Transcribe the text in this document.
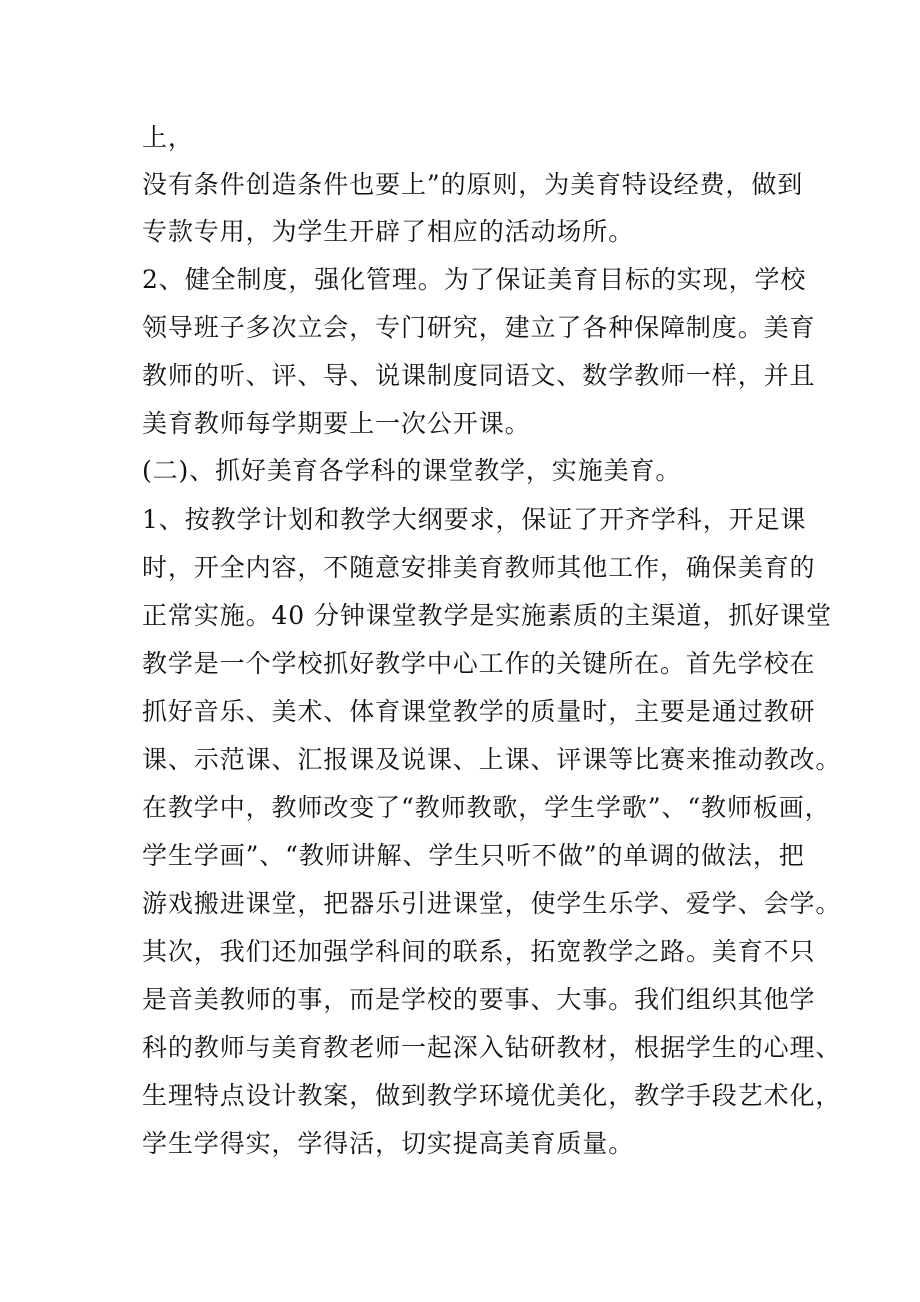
上，
没有条件创造条件也要上”的原则，为美育特设经费，做到
专款专用，为学生开辟了相应的活动场所。
2、健全制度，强化管理。为了保证美育目标的实现，学校
领导班子多次立会，专门研究，建立了各种保障制度。美育
教师的听、评、导、说课制度同语文、数学教师一样，并且
美育教师每学期要上一次公开课。
(二)、抓好美育各学科的课堂教学，实施美育。
1、按教学计划和教学大纲要求，保证了开齐学科，开足课
时，开全内容，不随意安排美育教师其他工作，确保美育的
正常实施。40 分钟课堂教学是实施素质的主渠道，抓好课堂
教学是一个学校抓好教学中心工作的关键所在。首先学校在
抓好音乐、美术、体育课堂教学的质量时，主要是通过教研
课、示范课、汇报课及说课、上课、评课等比赛来推动教改。
在教学中，教师改变了“教师教歌，学生学歌”、“教师板画，
学生学画”、“教师讲解、学生只听不做”的单调的做法，把
游戏搬进课堂，把器乐引进课堂，使学生乐学、爱学、会学。
其次，我们还加强学科间的联系，拓宽教学之路。美育不只
是音美教师的事，而是学校的要事、大事。我们组织其他学
科的教师与美育教老师一起深入钻研教材，根据学生的心理、
生理特点设计教案，做到教学环境优美化，教学手段艺术化，
学生学得实，学得活，切实提高美育质量。
